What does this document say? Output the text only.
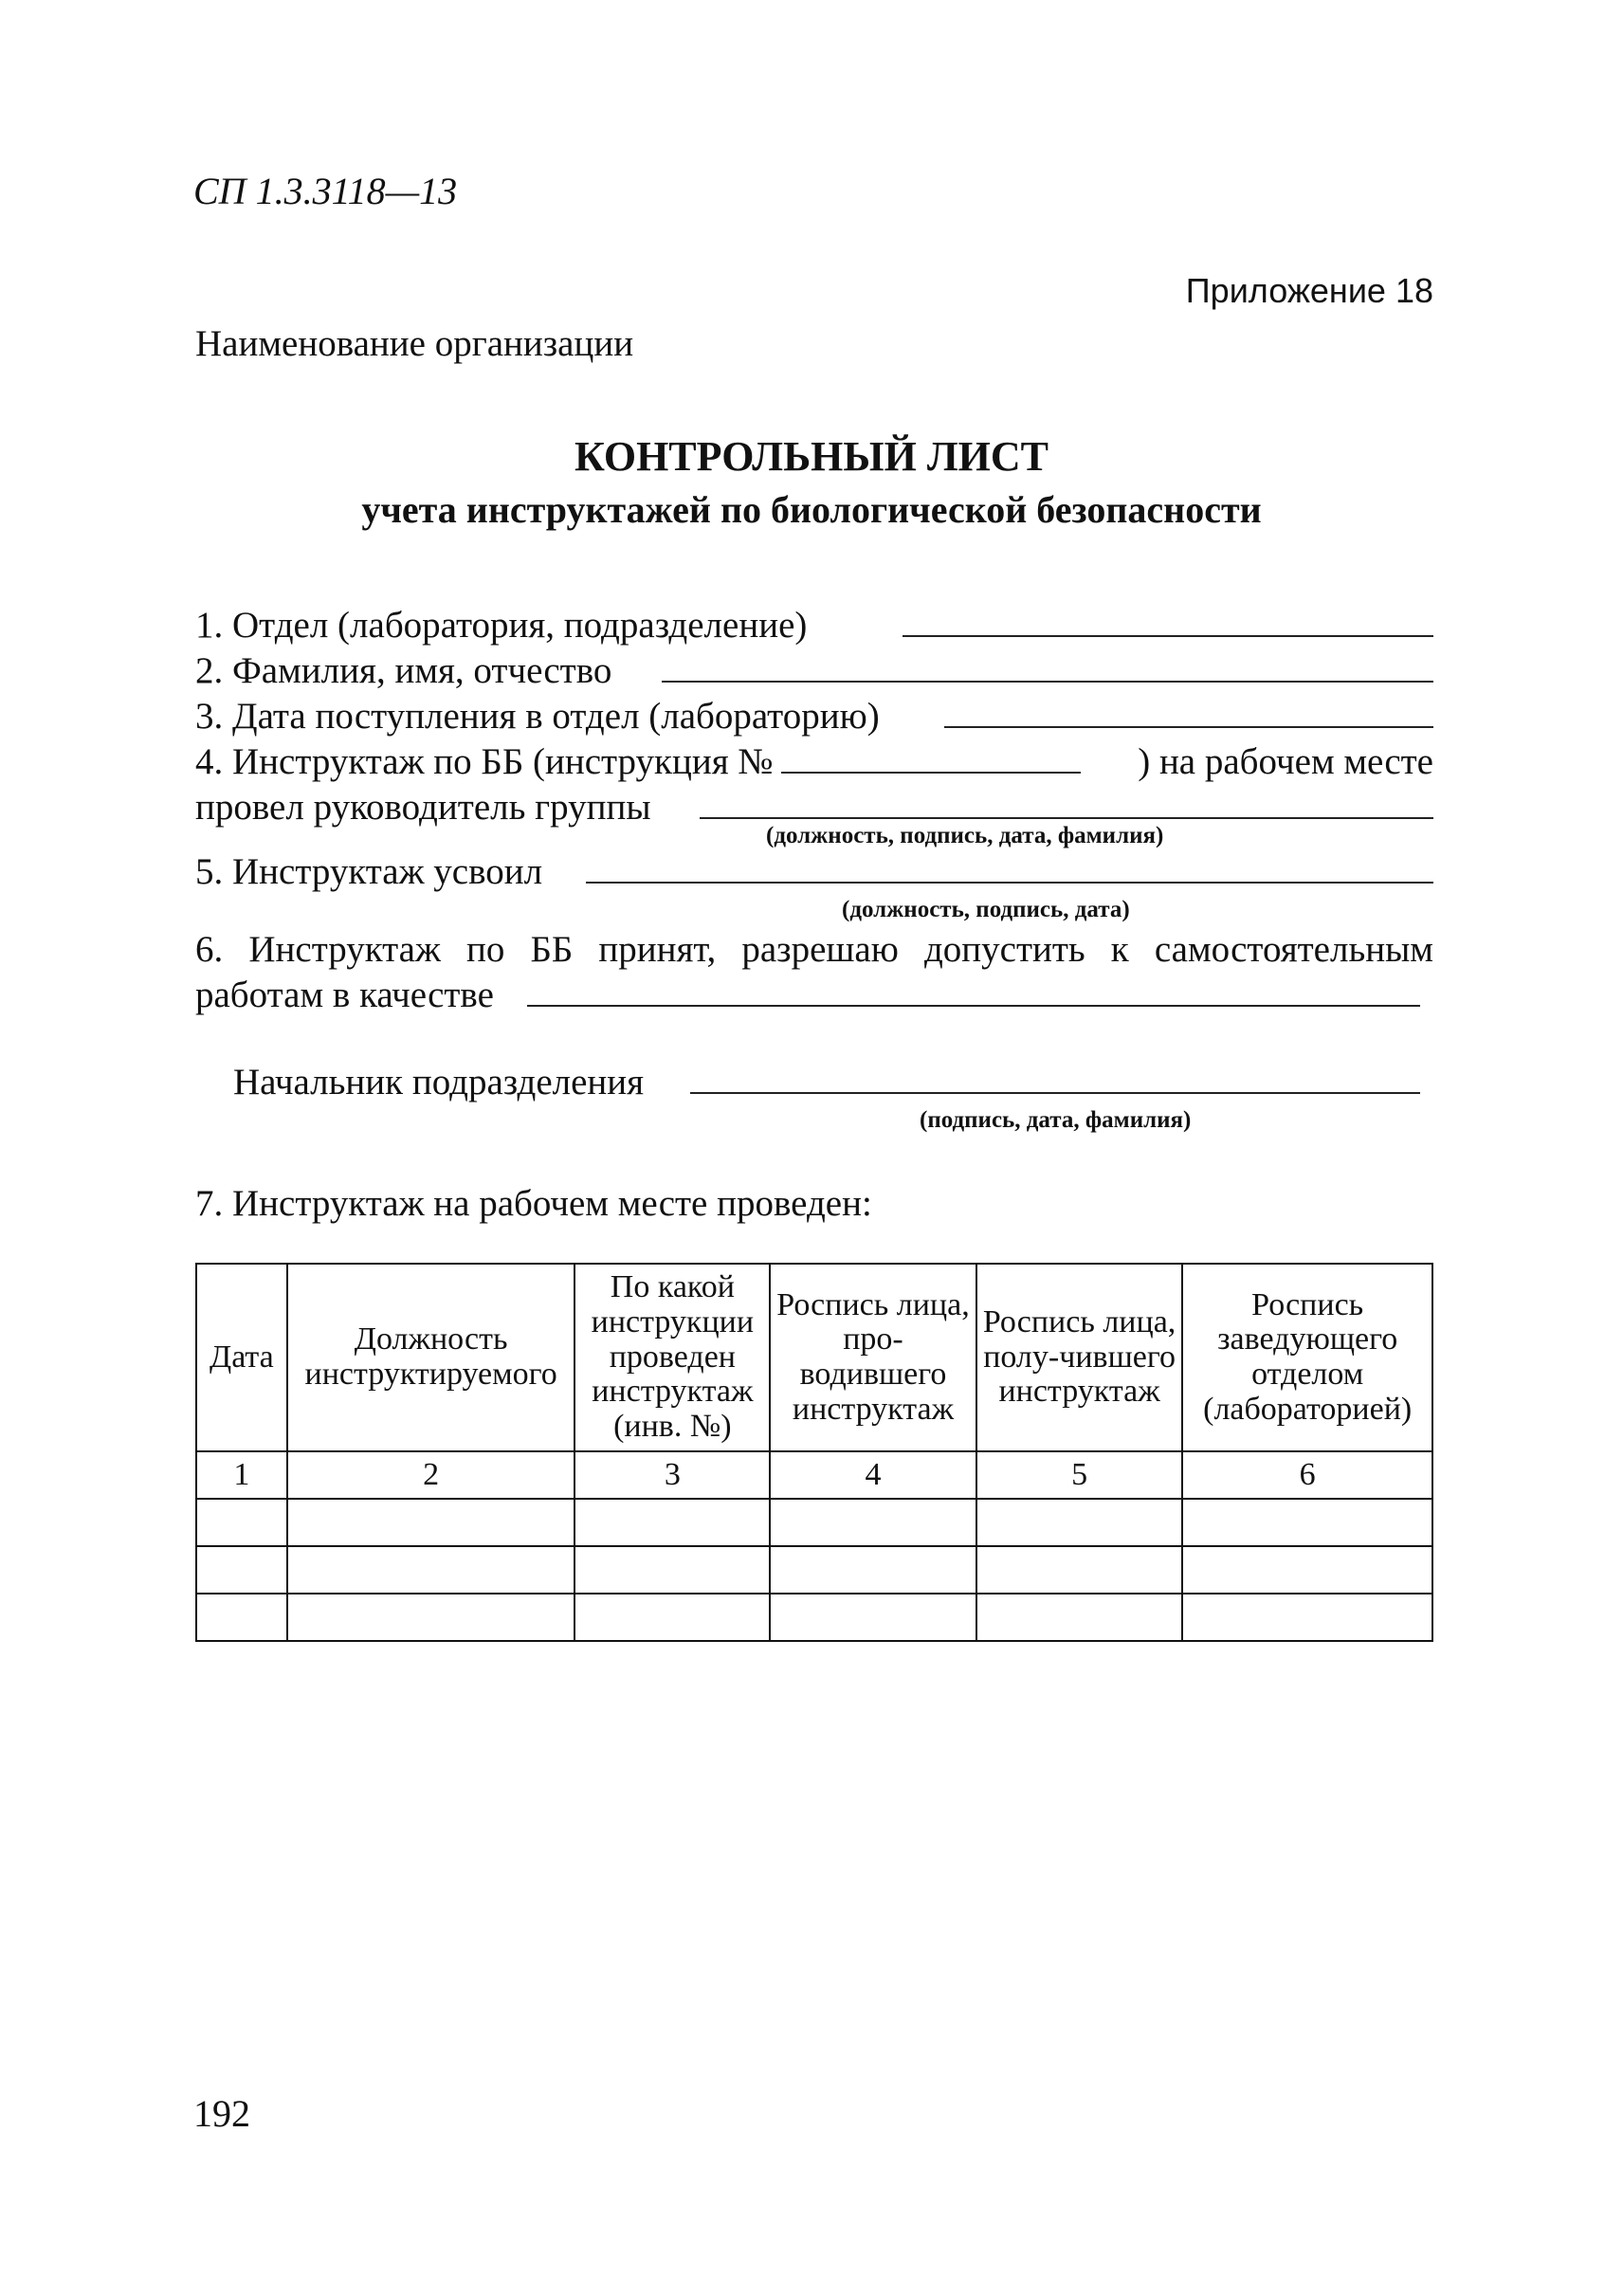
СП 1.3.3118—13
Приложение 18
Наименование организации
КОНТРОЛЬНЫЙ ЛИСТ
учета инструктажей по биологической безопасности
1. Отдел (лаборатория, подразделение)
2. Фамилия, имя, отчество
3. Дата поступления в отдел (лабораторию)
4. Инструктаж по ББ (инструкция №	) на рабочем месте
провел руководитель группы
(должность, подпись, дата, фамилия)
5. Инструктаж усвоил
(должность, подпись, дата)
6. Инструктаж по ББ принят, разрешаю допустить к самостоятельным
работам в качестве
Начальник подразделения
(подпись, дата, фамилия)
7. Инструктаж на рабочем месте проведен:
Дата	Должность инструктируемого	По какой инструкции проведен инструктаж (инв. №)	Роспись лица, про-водившего инструктаж	Роспись лица, полу-чившего инструктаж	Роспись заведующего отделом (лабораторией)
1	2	3	4	5	6

192
